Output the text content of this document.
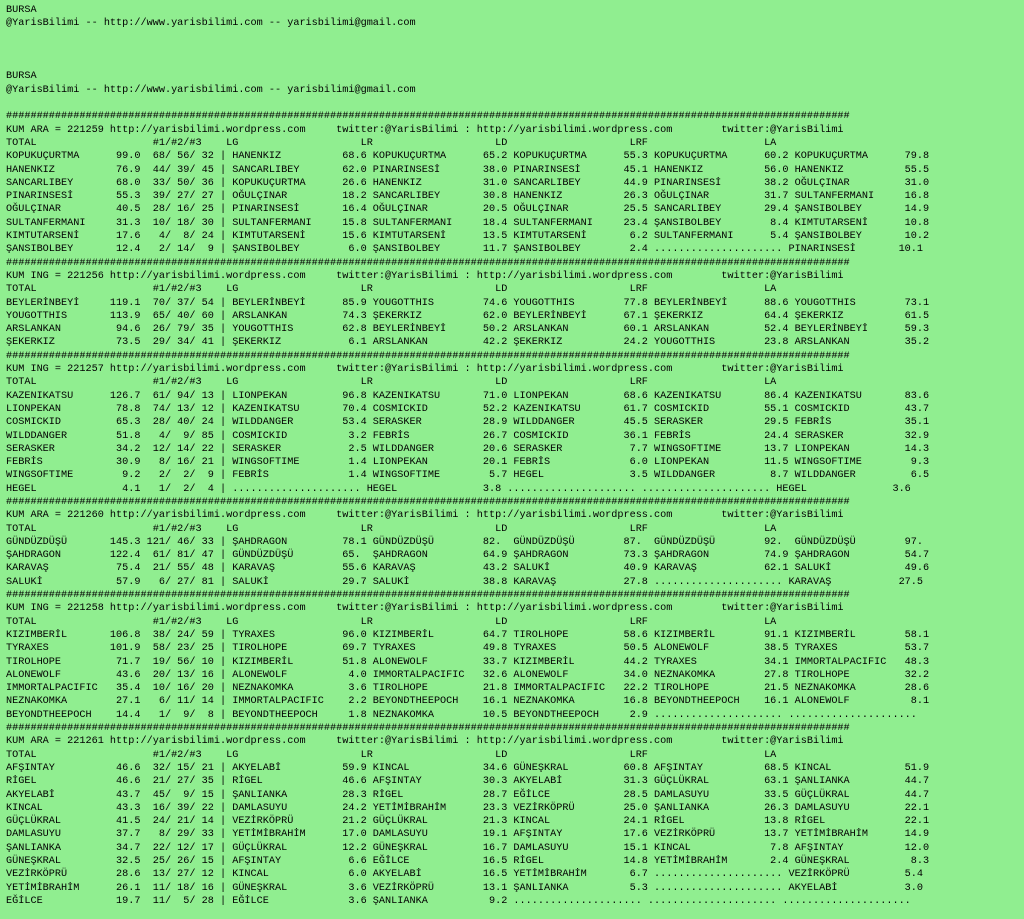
BURSA
@YarisBilimi -- http://www.yarisbilimi.com -- yarisbilimi@gmail.com
BURSA
@YarisBilimi -- http://www.yarisbilimi.com -- yarisbilimi@gmail.com
##########################################################################################################################################
KUM ARA = 221259 http://yarisbilimi.wordpress.com     twitter:@YarisBilimi : http://yarisbilimi.wordpress.com        twitter:@YarisBilimi
TOTAL                   #1/#2/#3    LG                    LR                    LD                    LRF                   LA
KOPUKUÇURTMA      99.0  68/ 56/ 32 | HANENKIZ          68.6 KOPUKUÇURTMA      65.2 KOPUKUÇURTMA      55.3 KOPUKUÇURTMA      60.2 KOPUKUÇURTMA      79.8
HANENKIZ          76.9  44/ 39/ 45 | SANCARLIBEY       62.0 PINARINSESİ       38.0 PINARINSESİ       45.1 HANENKIZ          56.0 HANENKIZ          55.5
SANCARLIBEY       68.0  33/ 50/ 36 | KOPUKUÇURTMA      26.6 HANENKIZ          31.0 SANCARLIBEY       44.9 PINARINSESİ       38.2 OĞULÇINAR         31.0
PINARINSESİ       55.3  39/ 27/ 27 | OĞULÇINAR         18.2 SANCARLIBEY       30.8 HANENKIZ          26.3 OĞULÇINAR         31.7 SULTANFERMANI     16.8
OĞULÇINAR         40.5  28/ 16/ 25 | PINARINSESİ       16.4 OĞULÇINAR         20.5 OĞULÇINAR         25.5 SANCARLIBEY       29.4 ŞANSIBOLBEY       14.9
SULTANFERMANI     31.3  10/ 18/ 30 | SULTANFERMANI     15.8 SULTANFERMANI     18.4 SULTANFERMANI     23.4 ŞANSIBOLBEY        8.4 KIMTUTARSENİ      10.8
KIMTUTARSENİ      17.6   4/  8/ 24 | KIMTUTARSENİ      15.6 KIMTUTARSENİ      13.5 KIMTUTARSENİ       6.2 SULTANFERMANI      5.4 ŞANSIBOLBEY       10.2
ŞANSIBOLBEY       12.4   2/ 14/  9 | ŞANSIBOLBEY        6.0 ŞANSIBOLBEY       11.7 ŞANSIBOLBEY        2.4 ..................... PINARINSESİ       10.1
##########################################################################################################################################
KUM ING = 221256 http://yarisbilimi.wordpress.com     twitter:@YarisBilimi : http://yarisbilimi.wordpress.com        twitter:@YarisBilimi
TOTAL                   #1/#2/#3    LG                    LR                    LD                    LRF                   LA
BEYLERİNBEYİ     119.1  70/ 37/ 54 | BEYLERİNBEYİ      85.9 YOUGOTTHIS        74.6 YOUGOTTHIS        77.8 BEYLERİNBEYİ      88.6 YOUGOTTHIS        73.1
YOUGOTTHIS       113.9  65/ 40/ 60 | ARSLANKAN         74.3 ŞEKERKIZ          62.0 BEYLERİNBEYİ      67.1 ŞEKERKIZ          64.4 ŞEKERKIZ          61.5
ARSLANKAN         94.6  26/ 79/ 35 | YOUGOTTHIS        62.8 BEYLERİNBEYİ      50.2 ARSLANKAN         60.1 ARSLANKAN         52.4 BEYLERİNBEYİ      59.3
ŞEKERKIZ          73.5  29/ 34/ 41 | ŞEKERKIZ           6.1 ARSLANKAN         42.2 ŞEKERKIZ          24.2 YOUGOTTHIS        23.8 ARSLANKAN         35.2
##########################################################################################################################################
KUM ING = 221257 http://yarisbilimi.wordpress.com     twitter:@YarisBilimi : http://yarisbilimi.wordpress.com        twitter:@YarisBilimi
TOTAL                   #1/#2/#3    LG                    LR                    LD                    LRF                   LA
KAZENIKATSU      126.7  61/ 94/ 13 | LIONPEKAN         96.8 KAZENIKATSU       71.0 LIONPEKAN         68.6 KAZENIKATSU       86.4 KAZENIKATSU       83.6
LIONPEKAN         78.8  74/ 13/ 12 | KAZENIKATSU       70.4 COSMICKID         52.2 KAZENIKATSU       61.7 COSMICKID         55.1 COSMICKID         43.7
COSMICKID         65.3  28/ 40/ 24 | WILDDANGER        53.4 SERASKER          28.9 WILDDANGER        45.5 SERASKER          29.5 FEBRİS            35.1
WILDDANGER        51.8   4/  9/ 85 | COSMICKID          3.2 FEBRİS            26.7 COSMICKID         36.1 FEBRİS            24.4 SERASKER          32.9
SERASKER          34.2  12/ 14/ 22 | SERASKER           2.5 WILDDANGER        20.6 SERASKER           7.7 WINGSOFTIME       13.7 LIONPEKAN         14.3
FEBRİS            30.9   8/ 16/ 21 | WINGSOFTIME        1.4 LIONPEKAN         20.1 FEBRİS             6.0 LIONPEKAN         11.5 WINGSOFTIME        9.3
WINGSOFTIME        9.2   2/  2/  9 | FEBRİS             1.4 WINGSOFTIME        5.7 HEGEL              3.5 WILDDANGER         8.7 WILDDANGER         6.5
HEGEL              4.1   1/  2/  4 | ..................... HEGEL              3.8 ..................... ..................... HEGEL              3.6
##########################################################################################################################################
KUM ARA = 221260 http://yarisbilimi.wordpress.com     twitter:@YarisBilimi : http://yarisbilimi.wordpress.com        twitter:@YarisBilimi
TOTAL                   #1/#2/#3    LG                    LR                    LD                    LRF                   LA
GÜNDÜZDÜŞÜ       145.3 121/ 46/ 33 | ŞAHDRAGON         78.1 GÜNDÜZDÜŞÜ        82.  GÜNDÜZDÜŞÜ        87.  GÜNDÜZDÜŞÜ        92.  GÜNDÜZDÜŞÜ        97.
ŞAHDRAGON        122.4  61/ 81/ 47 | GÜNDÜZDÜŞÜ        65.  ŞAHDRAGON         64.9 ŞAHDRAGON         73.3 ŞAHDRAGON         74.9 ŞAHDRAGON         54.7
KARAVAŞ           75.4  21/ 55/ 48 | KARAVAŞ           55.6 KARAVAŞ           43.2 SALUKİ            40.9 KARAVAŞ           62.1 SALUKİ            49.6
SALUKİ            57.9   6/ 27/ 81 | SALUKİ            29.7 SALUKİ            38.8 KARAVAŞ           27.8 ..................... KARAVAŞ           27.5
##########################################################################################################################################
KUM ING = 221258 http://yarisbilimi.wordpress.com     twitter:@YarisBilimi : http://yarisbilimi.wordpress.com        twitter:@YarisBilimi
TOTAL                   #1/#2/#3    LG                    LR                    LD                    LRF                   LA
KIZIMBERİL       106.8  38/ 24/ 59 | TYRAXES           96.0 KIZIMBERİL        64.7 TIROLHOPE         58.6 KIZIMBERİL        91.1 KIZIMBERİL        58.1
TYRAXES          101.9  58/ 23/ 25 | TIROLHOPE         69.7 TYRAXES           49.8 TYRAXES           50.5 ALONEWOLF         38.5 TYRAXES           53.7
TIROLHOPE         71.7  19/ 56/ 10 | KIZIMBERİL        51.8 ALONEWOLF         33.7 KIZIMBERİL        44.2 TYRAXES           34.1 IMMORTALPACIFIC   48.3
ALONEWOLF         43.6  20/ 13/ 16 | ALONEWOLF          4.0 IMMORTALPACIFIC   32.6 ALONEWOLF         34.0 NEZNAKOMKA        27.8 TIROLHOPE         32.2
IMMORTALPACIFIC   35.4  10/ 16/ 20 | NEZNAKOMKA         3.6 TIROLHOPE         21.8 IMMORTALPACIFIC   22.2 TIROLHOPE         21.5 NEZNAKOMKA        28.6
NEZNAKOMKA        27.1   6/ 11/ 14 | IMMORTALPACIFIC    2.2 BEYONDTHEEPOCH    16.1 NEZNAKOMKA        16.8 BEYONDTHEEPOCH    16.1 ALONEWOLF          8.1
BEYONDTHEEPOCH    14.4   1/  9/  8 | BEYONDTHEEPOCH     1.8 NEZNAKOMKA        10.5 BEYONDTHEEPOCH     2.9 ..................... .....................
##########################################################################################################################################
KUM ARA = 221261 http://yarisbilimi.wordpress.com     twitter:@YarisBilimi : http://yarisbilimi.wordpress.com        twitter:@YarisBilimi
TOTAL                   #1/#2/#3    LG                    LR                    LD                    LRF                   LA
AFŞINTAY          46.6  32/ 15/ 21 | AKYELABİ          59.9 KINCAL            34.6 GÜNEŞKRAL         60.8 AFŞINTAY          68.5 KINCAL            51.9
RİGEL             46.6  21/ 27/ 35 | RİGEL             46.6 AFŞINTAY          30.3 AKYELABİ          31.3 GÜÇLÜKRAL         63.1 ŞANLIANKA         44.7
AKYELABİ          43.7  45/  9/ 15 | ŞANLIANKA         28.3 RİGEL             28.7 EĞİLCE            28.5 DAMLASUYU         33.5 GÜÇLÜKRAL         44.7
KINCAL            43.3  16/ 39/ 22 | DAMLASUYU         24.2 YETİMİBRAHİM      23.3 VEZİRKÖPRÜ        25.0 ŞANLIANKA         26.3 DAMLASUYU         22.1
GÜÇLÜKRAL         41.5  24/ 21/ 14 | VEZİRKÖPRÜ        21.2 GÜÇLÜKRAL         21.3 KINCAL            24.1 RİGEL             13.8 RİGEL             22.1
DAMLASUYU         37.7   8/ 29/ 33 | YETİMİBRAHİM      17.0 DAMLASUYU         19.1 AFŞINTAY          17.6 VEZİRKÖPRÜ        13.7 YETİMİBRAHİM      14.9
ŞANLIANKA         34.7  22/ 12/ 17 | GÜÇLÜKRAL         12.2 GÜNEŞKRAL         16.7 DAMLASUYU         15.1 KINCAL             7.8 AFŞINTAY          12.0
GÜNEŞKRAL         32.5  25/ 26/ 15 | AFŞINTAY           6.6 EĞİLCE            16.5 RİGEL             14.8 YETİMİBRAHİM       2.4 GÜNEŞKRAL          8.3
VEZİRKÖPRÜ        28.6  13/ 27/ 12 | KINCAL             6.0 AKYELABİ          16.5 YETİMİBRAHİM       6.7 ..................... VEZİRKÖPRÜ         5.4
YETİMİBRAHİM      26.1  11/ 18/ 16 | GÜNEŞKRAL          3.6 VEZİRKÖPRÜ        13.1 ŞANLIANKA          5.3 ..................... AKYELABİ           3.0
EĞİLCE            19.7  11/  5/ 28 | EĞİLCE             3.6 ŞANLIANKA          9.2 ..................... ..................... .....................
